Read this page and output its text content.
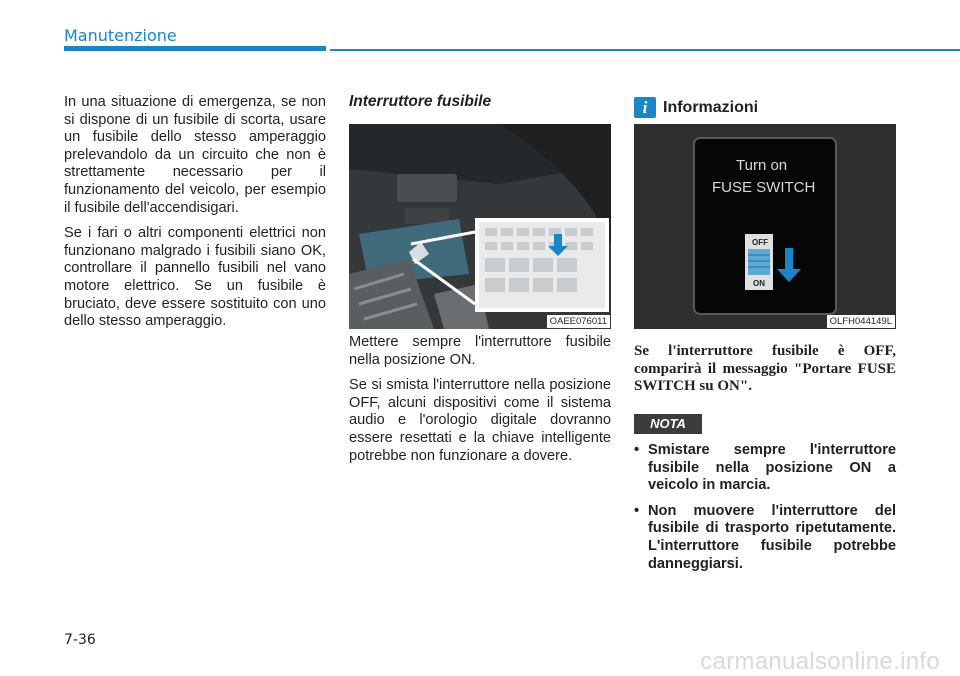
Manutenzione

In una situazione di emergenza, se non si dispone di un fusibile di scorta, usare un fusibile dello stesso amperaggio prelevandolo da un circuito che non è strettamente necessario per il funzionamento del veicolo, per esempio il fusibile dell'accendisigari.

Se i fari o altri componenti elettrici non funzionano malgrado i fusibili siano OK, controllare il pannello fusibili nel vano motore elettrico. Se un fusibile è bruciato, deve essere sostituito con uno dello stesso amperaggio.

Interruttore fusibile
OAEE076011

Mettere sempre l'interruttore fusibile nella posizione ON.

Se si smista l'interruttore nella posizione OFF, alcuni dispositivi come il sistema audio e l'orologio digitale dovranno essere resettati e la chiave intelligente potrebbe non funzionare a dovere.

i Informazioni
Turn on
FUSE SWITCH
OFF
ON
OLFH044149L
Se l'interruttore fusibile è OFF, comparirà il messaggio "Portare FUSE SWITCH su ON".
NOTA
• Smistare sempre l'interruttore fusibile nella posizione ON a veicolo in marcia.
• Non muovere l'interruttore del fusibile di trasporto ripetutamente. L'interruttore fusibile potrebbe danneggiarsi.
7-36
carmanualsonline.info
